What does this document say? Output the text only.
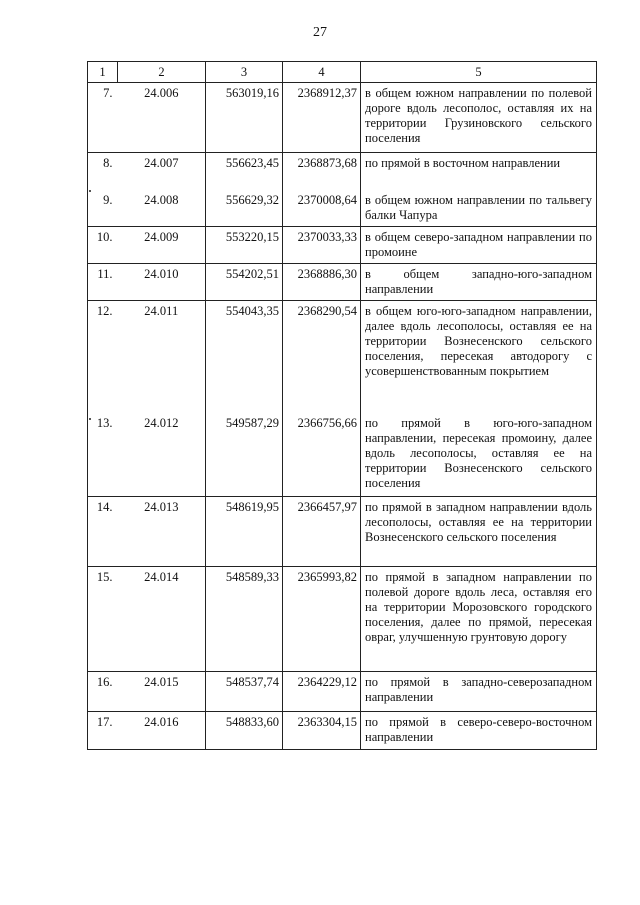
27
1	2	3	4	5
7.	24.006	563019,16	2368912,37	в общем южном направлении по полевой дороге вдоль лесополос, оставляя их на территории Грузиновского сельского поселения
8.	24.007	556623,45	2368873,68	по прямой в восточном направлении
9.	24.008	556629,32	2370008,64	в общем южном направлении по тальвегу балки Чапура
10.	24.009	553220,15	2370033,33	в общем северо-западном направлении по промоине
11.	24.010	554202,51	2368886,30	в общем западно-юго-западном направлении
12.	24.011	554043,35	2368290,54	в общем юго-юго-западном направлении, далее вдоль лесополосы, оставляя ее на территории Вознесенского сельского поселения, пересекая автодорогу с усовершенствованным покрытием
13.	24.012	549587,29	2366756,66	по прямой в юго-юго-западном направлении, пересекая промоину, далее вдоль лесополосы, оставляя ее на территории Вознесенского сельского поселения
14.	24.013	548619,95	2366457,97	по прямой в западном направлении вдоль лесополосы, оставляя ее на территории Вознесенского сельского поселения
15.	24.014	548589,33	2365993,82	по прямой в западном направлении по полевой дороге вдоль леса, оставляя его на территории Морозовского городского поселения, далее по прямой, пересекая овраг, улучшенную грунтовую дорогу
16.	24.015	548537,74	2364229,12	по прямой в западно-северозападном направлении
17.	24.016	548833,60	2363304,15	по прямой в северо-северо-восточном направлении
